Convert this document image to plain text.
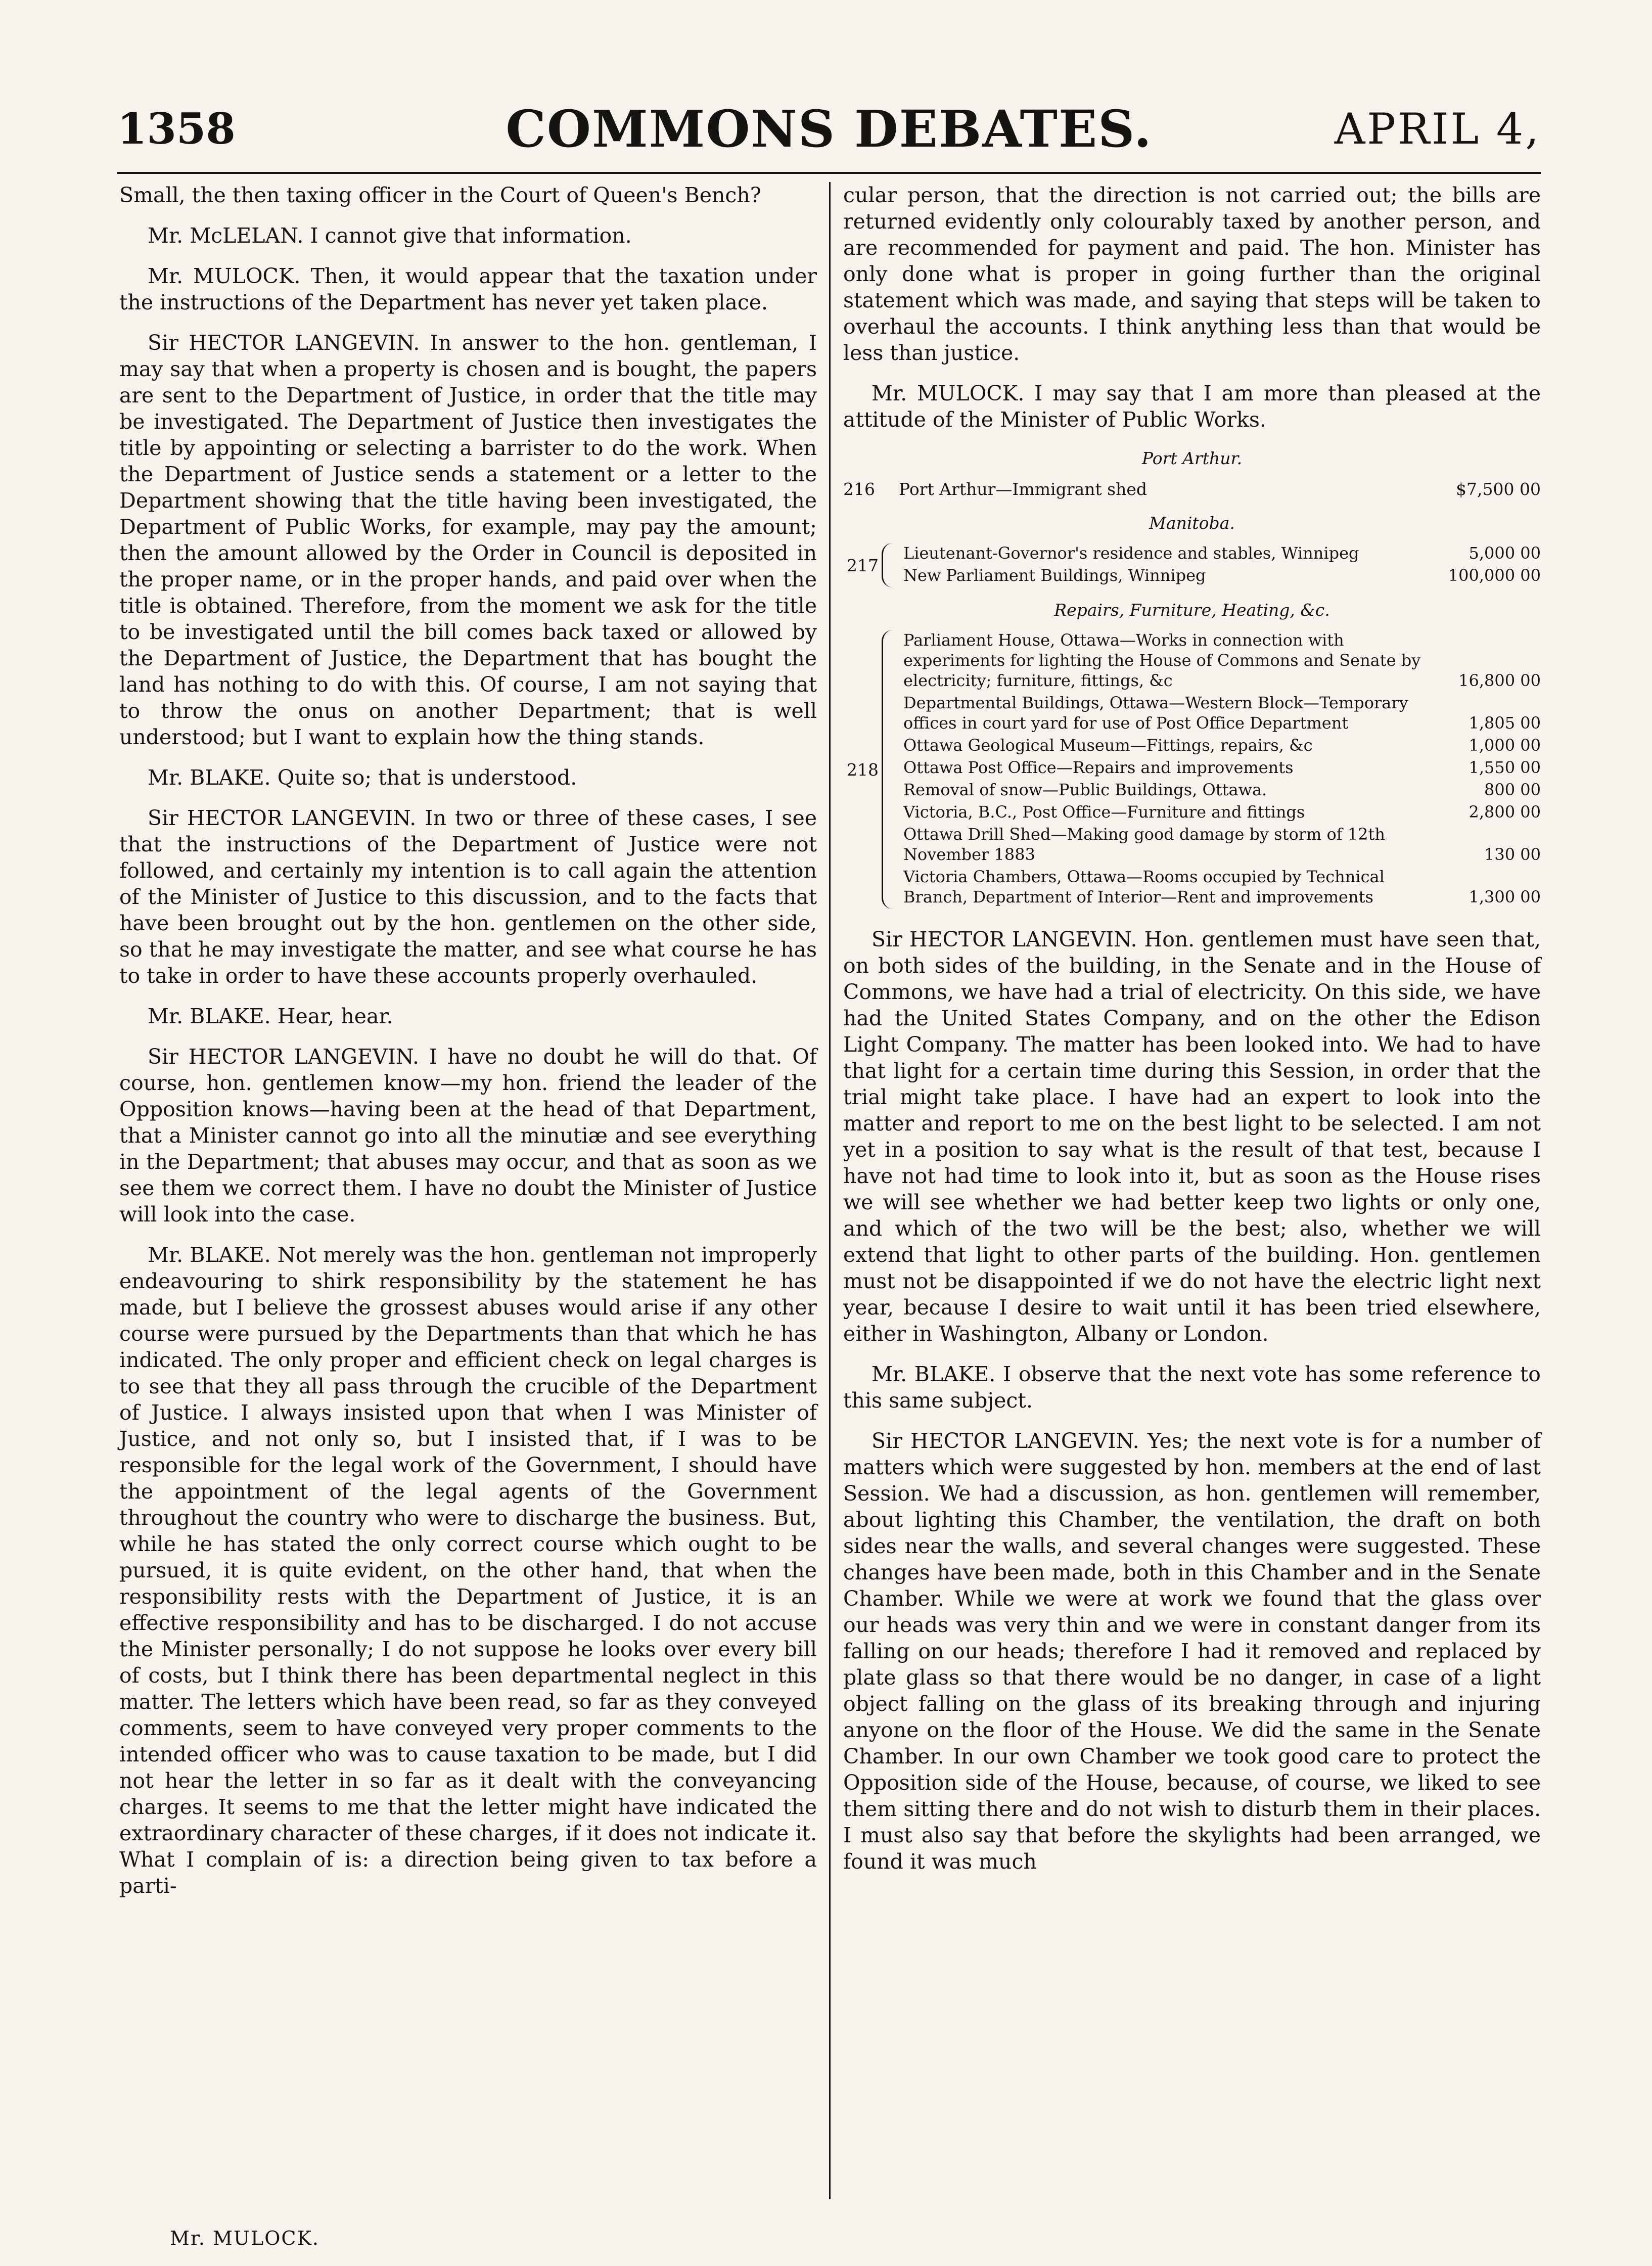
1358	COMMONS DEBATES.	APRIL 4,

Small, the then taxing officer in the Court of Queen's Bench?

Mr. McLELAN. I cannot give that information.

Mr. MULOCK. Then, it would appear that the taxation under the instructions of the Department has never yet taken place.

Sir HECTOR LANGEVIN. In answer to the hon. gentleman, I may say that when a property is chosen and is bought, the papers are sent to the Department of Justice, in order that the title may be investigated. The Department of Justice then investigates the title by appointing or selecting a barrister to do the work. When the Department of Justice sends a statement or a letter to the Department showing that the title having been investigated, the Department of Public Works, for example, may pay the amount; then the amount allowed by the Order in Council is deposited in the proper name, or in the proper hands, and paid over when the title is obtained. Therefore, from the moment we ask for the title to be investigated until the bill comes back taxed or allowed by the Department of Justice, the Department that has bought the land has nothing to do with this. Of course, I am not saying that to throw the onus on another Department; that is well understood; but I want to explain how the thing stands.

Mr. BLAKE. Quite so; that is understood.

Sir HECTOR LANGEVIN. In two or three of these cases, I see that the instructions of the Department of Justice were not followed, and certainly my intention is to call again the attention of the Minister of Justice to this discussion, and to the facts that have been brought out by the hon. gentlemen on the other side, so that he may investigate the matter, and see what course he has to take in order to have these accounts properly overhauled.

Mr. BLAKE. Hear, hear.

Sir HECTOR LANGEVIN. I have no doubt he will do that. Of course, hon. gentlemen know—my hon. friend the leader of the Opposition knows—having been at the head of that Department, that a Minister cannot go into all the minutiæ and see everything in the Department; that abuses may occur, and that as soon as we see them we correct them. I have no doubt the Minister of Justice will look into the case.

Mr. BLAKE. Not merely was the hon. gentleman not improperly endeavouring to shirk responsibility by the statement he has made, but I believe the grossest abuses would arise if any other course were pursued by the Departments than that which he has indicated. The only proper and efficient check on legal charges is to see that they all pass through the crucible of the Department of Justice. I always insisted upon that when I was Minister of Justice, and not only so, but I insisted that, if I was to be responsible for the legal work of the Government, I should have the appointment of the legal agents of the Government throughout the country who were to discharge the business. But, while he has stated the only correct course which ought to be pursued, it is quite evident, on the other hand, that when the responsibility rests with the Department of Justice, it is an effective responsibility and has to be discharged. I do not accuse the Minister personally; I do not suppose he looks over every bill of costs, but I think there has been departmental neglect in this matter. The letters which have been read, so far as they conveyed comments, seem to have conveyed very proper comments to the intended officer who was to cause taxation to be made, but I did not hear the letter in so far as it dealt with the conveyancing charges. It seems to me that the letter might have indicated the extraordinary character of these charges, if it does not indicate it. What I complain of is: a direction being given to tax before a parti-

cular person, that the direction is not carried out; the bills are returned evidently only colourably taxed by another person, and are recommended for payment and paid. The hon. Minister has only done what is proper in going further than the original statement which was made, and saying that steps will be taken to overhaul the accounts. I think anything less than that would be less than justice.

Mr. MULOCK. I may say that I am more than pleased at the attitude of the Minister of Public Works.

Port Arthur.
216	Port Arthur—Immigrant shed	$7,500 00
Manitoba.
217
Lieutenant-Governor's residence and stables, Winnipeg	5,000 00
New Parliament Buildings, Winnipeg	100,000 00
Repairs, Furniture, Heating, &c.
218
Parliament House, Ottawa—Works in connection with experiments for lighting the House of Commons and Senate by electricity; furniture, fittings, &c	16,800 00
Departmental Buildings, Ottawa—Western Block—Temporary offices in court yard for use of Post Office Department	1,805 00
Ottawa Geological Museum—Fittings, repairs, &c	1,000 00
Ottawa Post Office—Repairs and improvements	1,550 00
Removal of snow—Public Buildings, Ottawa.	800 00
Victoria, B.C., Post Office—Furniture and fittings	2,800 00
Ottawa Drill Shed—Making good damage by storm of 12th November 1883	130 00
Victoria Chambers, Ottawa—Rooms occupied by Technical Branch, Department of Interior—Rent and improvements	1,300 00

Sir HECTOR LANGEVIN. Hon. gentlemen must have seen that, on both sides of the building, in the Senate and in the House of Commons, we have had a trial of electricity. On this side, we have had the United States Company, and on the other the Edison Light Company. The matter has been looked into. We had to have that light for a certain time during this Session, in order that the trial might take place. I have had an expert to look into the matter and report to me on the best light to be selected. I am not yet in a position to say what is the result of that test, because I have not had time to look into it, but as soon as the House rises we will see whether we had better keep two lights or only one, and which of the two will be the best; also, whether we will extend that light to other parts of the building. Hon. gentlemen must not be disappointed if we do not have the electric light next year, because I desire to wait until it has been tried elsewhere, either in Washington, Albany or London.

Mr. BLAKE. I observe that the next vote has some reference to this same subject.

Sir HECTOR LANGEVIN. Yes; the next vote is for a number of matters which were suggested by hon. members at the end of last Session. We had a discussion, as hon. gentlemen will remember, about lighting this Chamber, the ventilation, the draft on both sides near the walls, and several changes were suggested. These changes have been made, both in this Chamber and in the Senate Chamber. While we were at work we found that the glass over our heads was very thin and we were in constant danger from its falling on our heads; therefore I had it removed and replaced by plate glass so that there would be no danger, in case of a light object falling on the glass of its breaking through and injuring anyone on the floor of the House. We did the same in the Senate Chamber. In our own Chamber we took good care to protect the Opposition side of the House, because, of course, we liked to see them sitting there and do not wish to disturb them in their places. I must also say that before the skylights had been arranged, we found it was much

Mr. MULOCK.
